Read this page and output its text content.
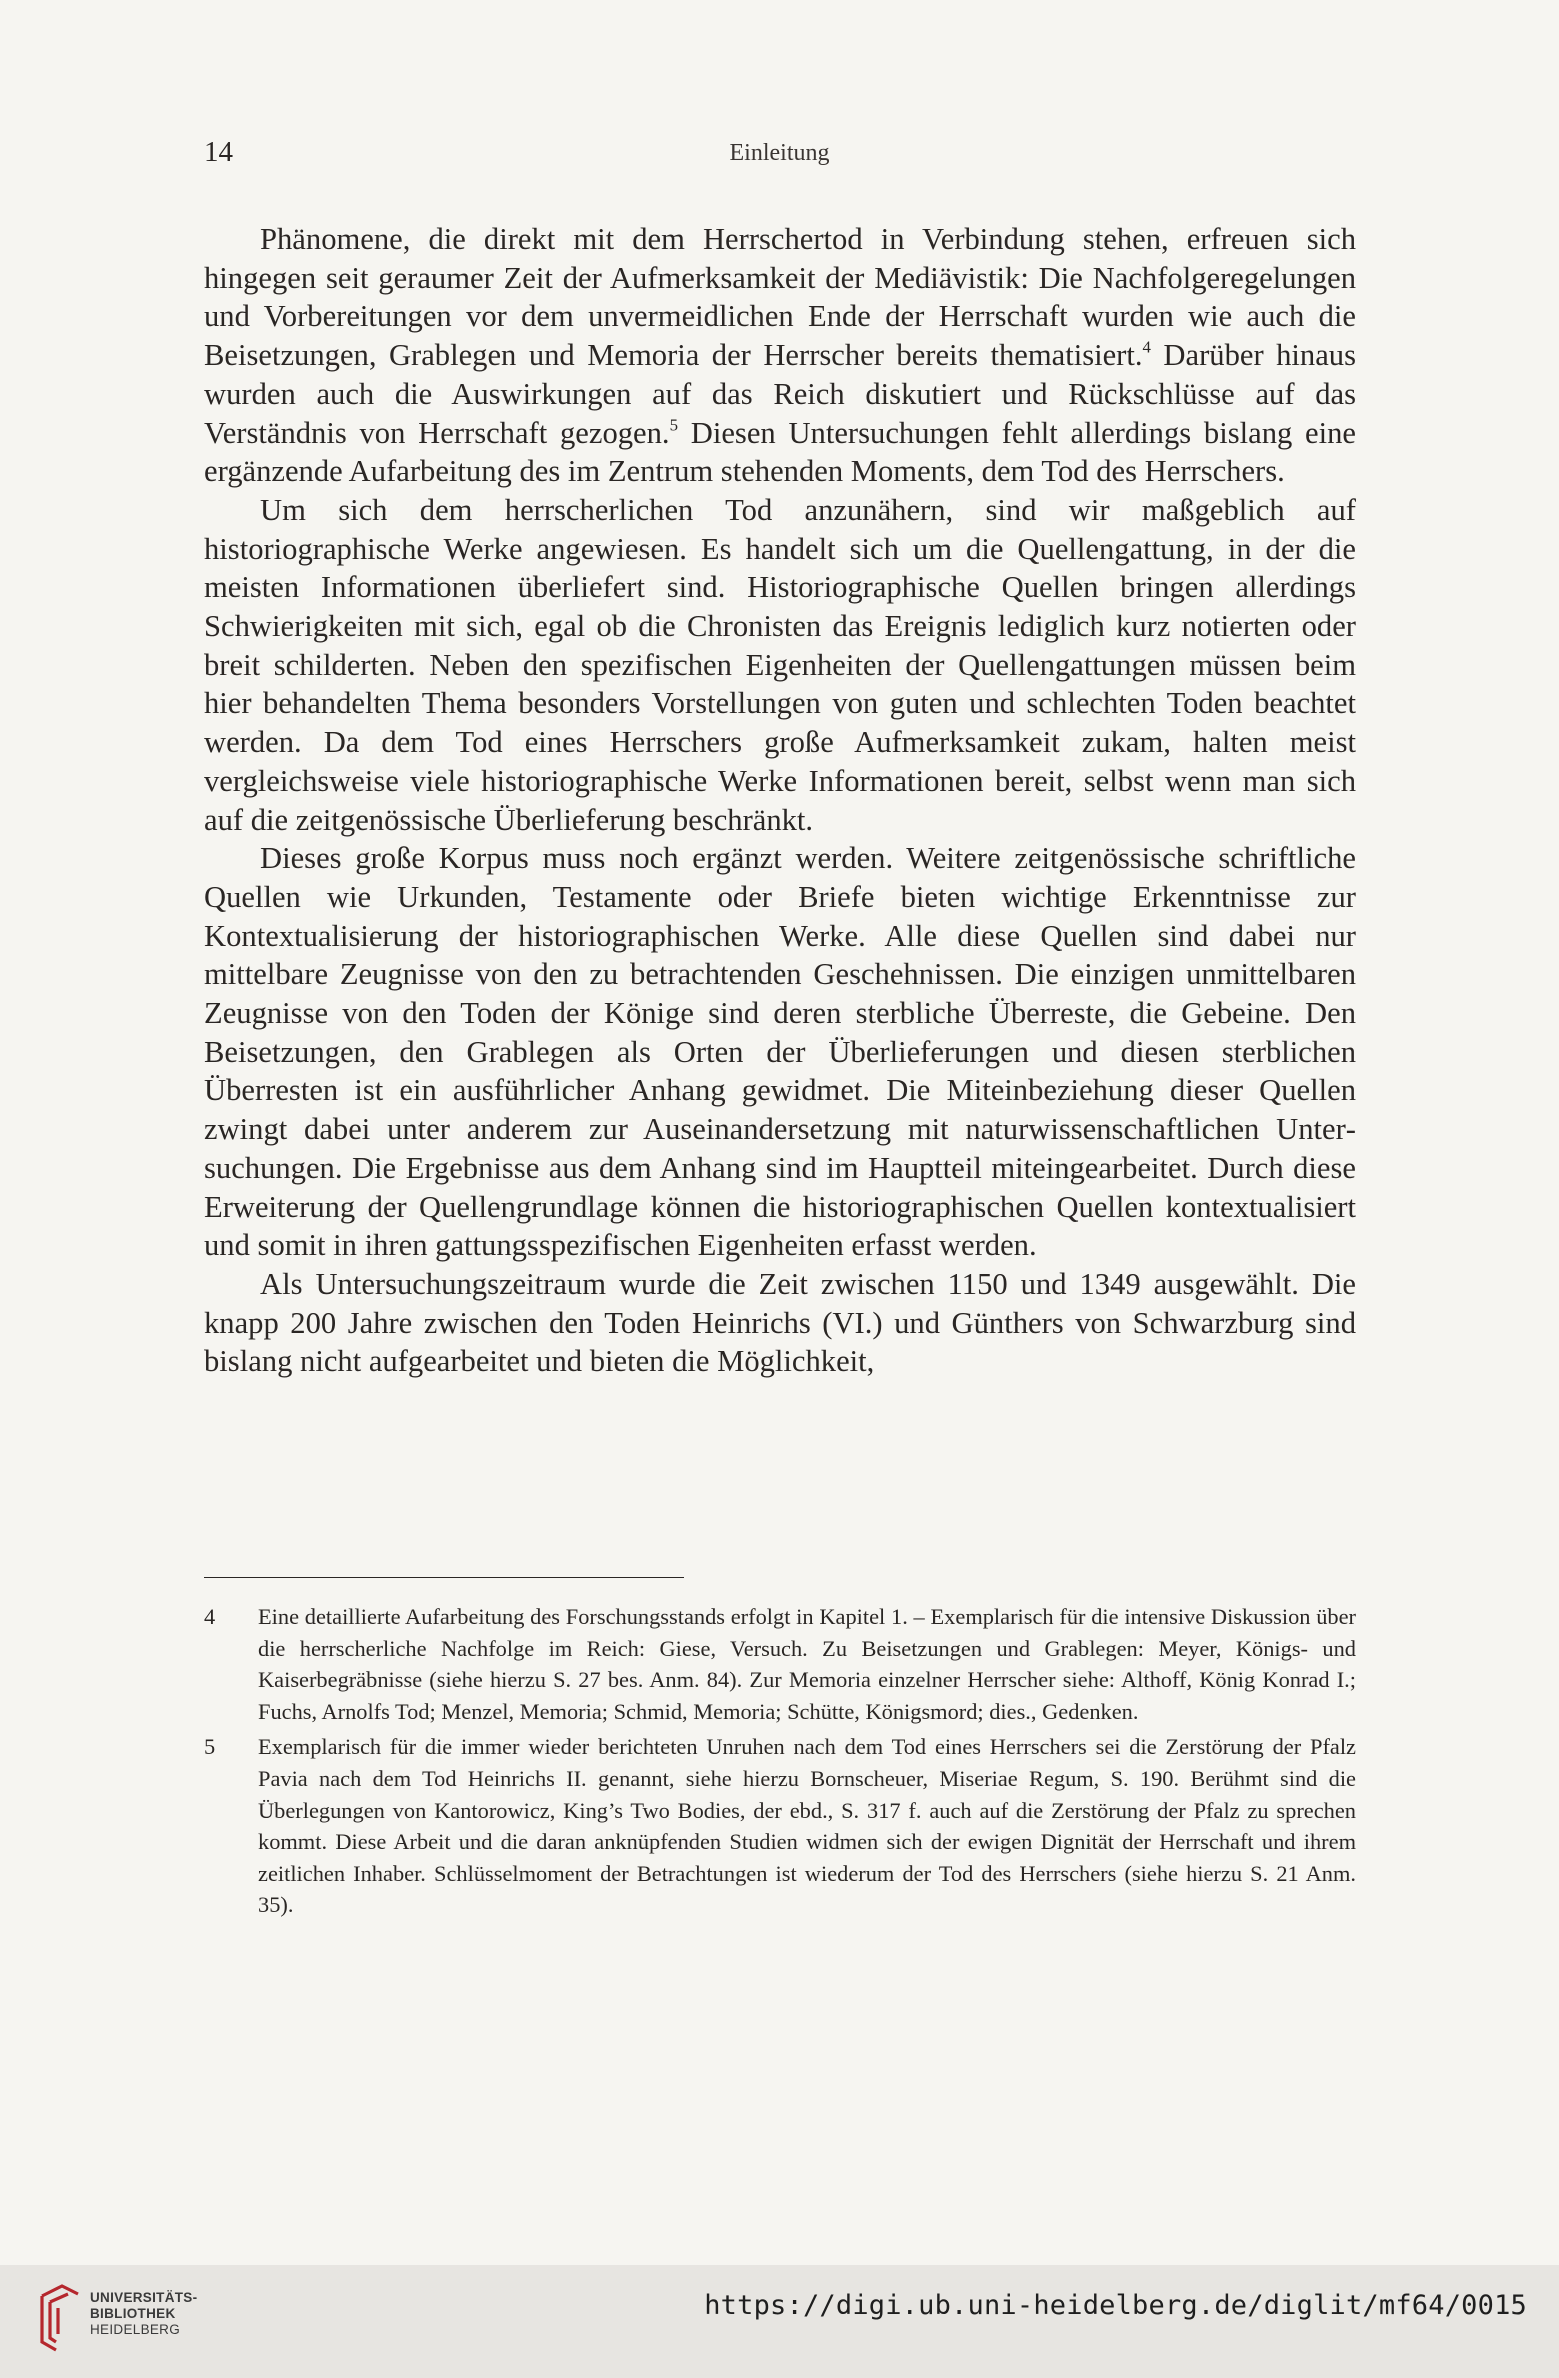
14	Einleitung

Phänomene, die direkt mit dem Herrschertod in Verbindung stehen, erfreuen sich hingegen seit geraumer Zeit der Aufmerksamkeit der Mediävistik: Die Nachfolgeregelungen und Vorbereitungen vor dem unvermeidlichen Ende der Herrschaft wurden wie auch die Beisetzungen, Grablegen und Memoria der Herrscher bereits thematisiert.$^4$ Darüber hinaus wurden auch die Auswirkungen auf das Reich diskutiert und Rückschlüsse auf das Verständnis von Herrschaft gezogen.$^5$ Diesen Untersuchungen fehlt allerdings bislang eine ergänzende Aufarbeitung des im Zentrum stehenden Moments, dem Tod des Herrschers.

Um sich dem herrscherlichen Tod anzunähern, sind wir maßgeblich auf historiographische Werke angewiesen. Es handelt sich um die Quellengattung, in der die meisten Informationen überliefert sind. Historiographische Quellen bringen allerdings Schwierigkeiten mit sich, egal ob die Chronisten das Ereignis lediglich kurz notierten oder breit schilderten. Neben den spezifischen Eigenheiten der Quellengattungen müssen beim hier behandelten Thema besonders Vorstellungen von guten und schlechten Toden beachtet werden. Da dem Tod eines Herrschers große Aufmerksamkeit zukam, halten meist vergleichsweise viele historiographische Werke Informationen bereit, selbst wenn man sich auf die zeitgenössische Überlieferung beschränkt.

Dieses große Korpus muss noch ergänzt werden. Weitere zeitgenössische schriftliche Quellen wie Urkunden, Testamente oder Briefe bieten wichtige Erkenntnisse zur Kontextualisierung der historiographischen Werke. Alle diese Quellen sind dabei nur mittelbare Zeugnisse von den zu betrachtenden Geschehnissen. Die einzigen unmittelbaren Zeugnisse von den Toden der Könige sind deren sterbliche Überreste, die Gebeine. Den Beisetzungen, den Grablegen als Orten der Überlieferungen und diesen sterblichen Überresten ist ein ausführlicher Anhang gewidmet. Die Miteinbeziehung dieser Quellen zwingt dabei unter anderem zur Auseinandersetzung mit naturwissenschaftlichen Untersuchungen. Die Ergebnisse aus dem Anhang sind im Hauptteil miteingearbeitet. Durch diese Erweiterung der Quellengrundlage können die historiographischen Quellen kontextualisiert und somit in ihren gattungsspezifischen Eigenheiten erfasst werden.

Als Untersuchungszeitraum wurde die Zeit zwischen 1150 und 1349 ausgewählt. Die knapp 200 Jahre zwischen den Toden Heinrichs (VI.) und Günthers von Schwarzburg sind bislang nicht aufgearbeitet und bieten die Möglichkeit,

4	Eine detaillierte Aufarbeitung des Forschungsstands erfolgt in Kapitel 1. – Exemplarisch für die intensive Diskussion über die herrscherliche Nachfolge im Reich: Giese, Versuch. Zu Beisetzungen und Grablegen: Meyer, Königs- und Kaiserbegräbnisse (siehe hierzu S. 27 bes. Anm. 84). Zur Memoria einzelner Herrscher siehe: Althoff, König Konrad I.; Fuchs, Arnolfs Tod; Menzel, Memoria; Schmid, Memoria; Schütte, Königsmord; dies., Gedenken.
5	Exemplarisch für die immer wieder berichteten Unruhen nach dem Tod eines Herrschers sei die Zerstörung der Pfalz Pavia nach dem Tod Heinrichs II. genannt, siehe hierzu Bornscheuer, Miseriae Regum, S. 190. Berühmt sind die Überlegungen von Kantorowicz, King’s Two Bodies, der ebd., S. 317 f. auch auf die Zerstörung der Pfalz zu sprechen kommt. Diese Arbeit und die daran anknüpfenden Studien widmen sich der ewigen Dignität der Herrschaft und ihrem zeitlichen Inhaber. Schlüsselmoment der Betrachtungen ist wiederum der Tod des Herrschers (siehe hierzu S. 21 Anm. 35).
UNIVERSITÄTS-
BIBLIOTHEK
HEIDELBERG
https://digi.ub.uni-heidelberg.de/diglit/mf64/0015
